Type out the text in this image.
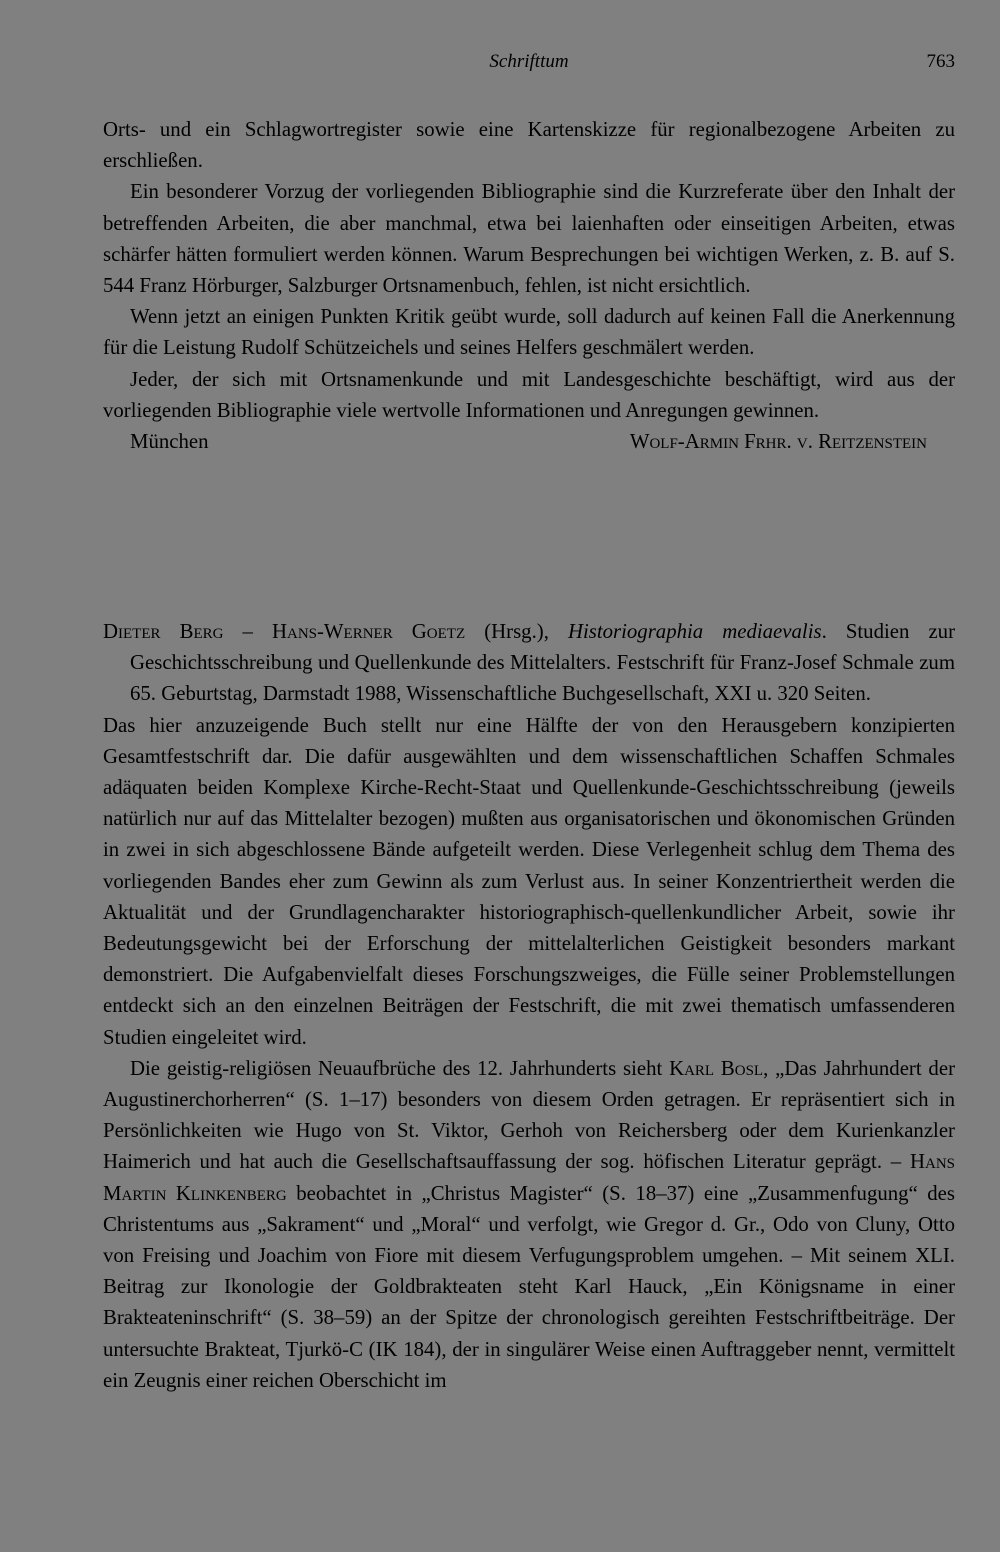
Schrifttum	763

Orts- und ein Schlagwortregister sowie eine Kartenskizze für regionalbezogene Arbeiten zu erschließen.

Ein besonderer Vorzug der vorliegenden Bibliographie sind die Kurzreferate über den Inhalt der betreffenden Arbeiten, die aber manchmal, etwa bei laienhaften oder einseitigen Arbeiten, etwas schärfer hätten formuliert werden können. Warum Besprechungen bei wichtigen Werken, z. B. auf S. 544 Franz Hörburger, Salzburger Ortsnamenbuch, fehlen, ist nicht ersichtlich.

Wenn jetzt an einigen Punkten Kritik geübt wurde, soll dadurch auf keinen Fall die Anerkennung für die Leistung Rudolf Schützeichels und seines Helfers geschmälert werden.

Jeder, der sich mit Ortsnamenkunde und mit Landesgeschichte beschäftigt, wird aus der vorliegenden Bibliographie viele wertvolle Informationen und Anregungen gewinnen.

München	Wolf-Armin Frhr. v. Reitzenstein

Dieter Berg – Hans-Werner Goetz (Hrsg.), Historiographia mediaevalis. Studien zur Geschichtsschreibung und Quellenkunde des Mittelalters. Festschrift für Franz-Josef Schmale zum 65. Geburtstag, Darmstadt 1988, Wissenschaftliche Buchgesellschaft, XXI u. 320 Seiten.

Das hier anzuzeigende Buch stellt nur eine Hälfte der von den Herausgebern konzipierten Gesamtfestschrift dar. Die dafür ausgewählten und dem wissenschaftlichen Schaffen Schmales adäquaten beiden Komplexe Kirche-Recht-Staat und Quellenkunde-Geschichtsschreibung (jeweils natürlich nur auf das Mittelalter bezogen) mußten aus organisatorischen und ökonomischen Gründen in zwei in sich abgeschlossene Bände aufgeteilt werden. Diese Verlegenheit schlug dem Thema des vorliegenden Bandes eher zum Gewinn als zum Verlust aus. In seiner Konzentriertheit werden die Aktualität und der Grundlagencharakter historiographisch-quellenkundlicher Arbeit, sowie ihr Bedeutungsgewicht bei der Erforschung der mittelalterlichen Geistigkeit besonders markant demonstriert. Die Aufgabenvielfalt dieses Forschungszweiges, die Fülle seiner Problemstellungen entdeckt sich an den einzelnen Beiträgen der Festschrift, die mit zwei thematisch umfassenderen Studien eingeleitet wird.

Die geistig-religiösen Neuaufbrüche des 12. Jahrhunderts sieht Karl Bosl, „Das Jahrhundert der Augustinerchorherren“ (S. 1–17) besonders von diesem Orden getragen. Er repräsentiert sich in Persönlichkeiten wie Hugo von St. Viktor, Gerhoh von Reichersberg oder dem Kurienkanzler Haimerich und hat auch die Gesellschaftsauffassung der sog. höfischen Literatur geprägt. – Hans Martin Klinkenberg beobachtet in „Christus Magister“ (S. 18–37) eine „Zusammenfugung“ des Christentums aus „Sakrament“ und „Moral“ und verfolgt, wie Gregor d. Gr., Odo von Cluny, Otto von Freising und Joachim von Fiore mit diesem Verfugungsproblem umgehen. – Mit seinem XLI. Beitrag zur Ikonologie der Goldbrakteaten steht Karl Hauck, „Ein Königsname in einer Brakteateninschrift“ (S. 38–59) an der Spitze der chronologisch gereihten Festschriftbeiträge. Der untersuchte Brakteat, Tjurkö-C (IK 184), der in singulärer Weise einen Auftraggeber nennt, vermittelt ein Zeugnis einer reichen Oberschicht im
